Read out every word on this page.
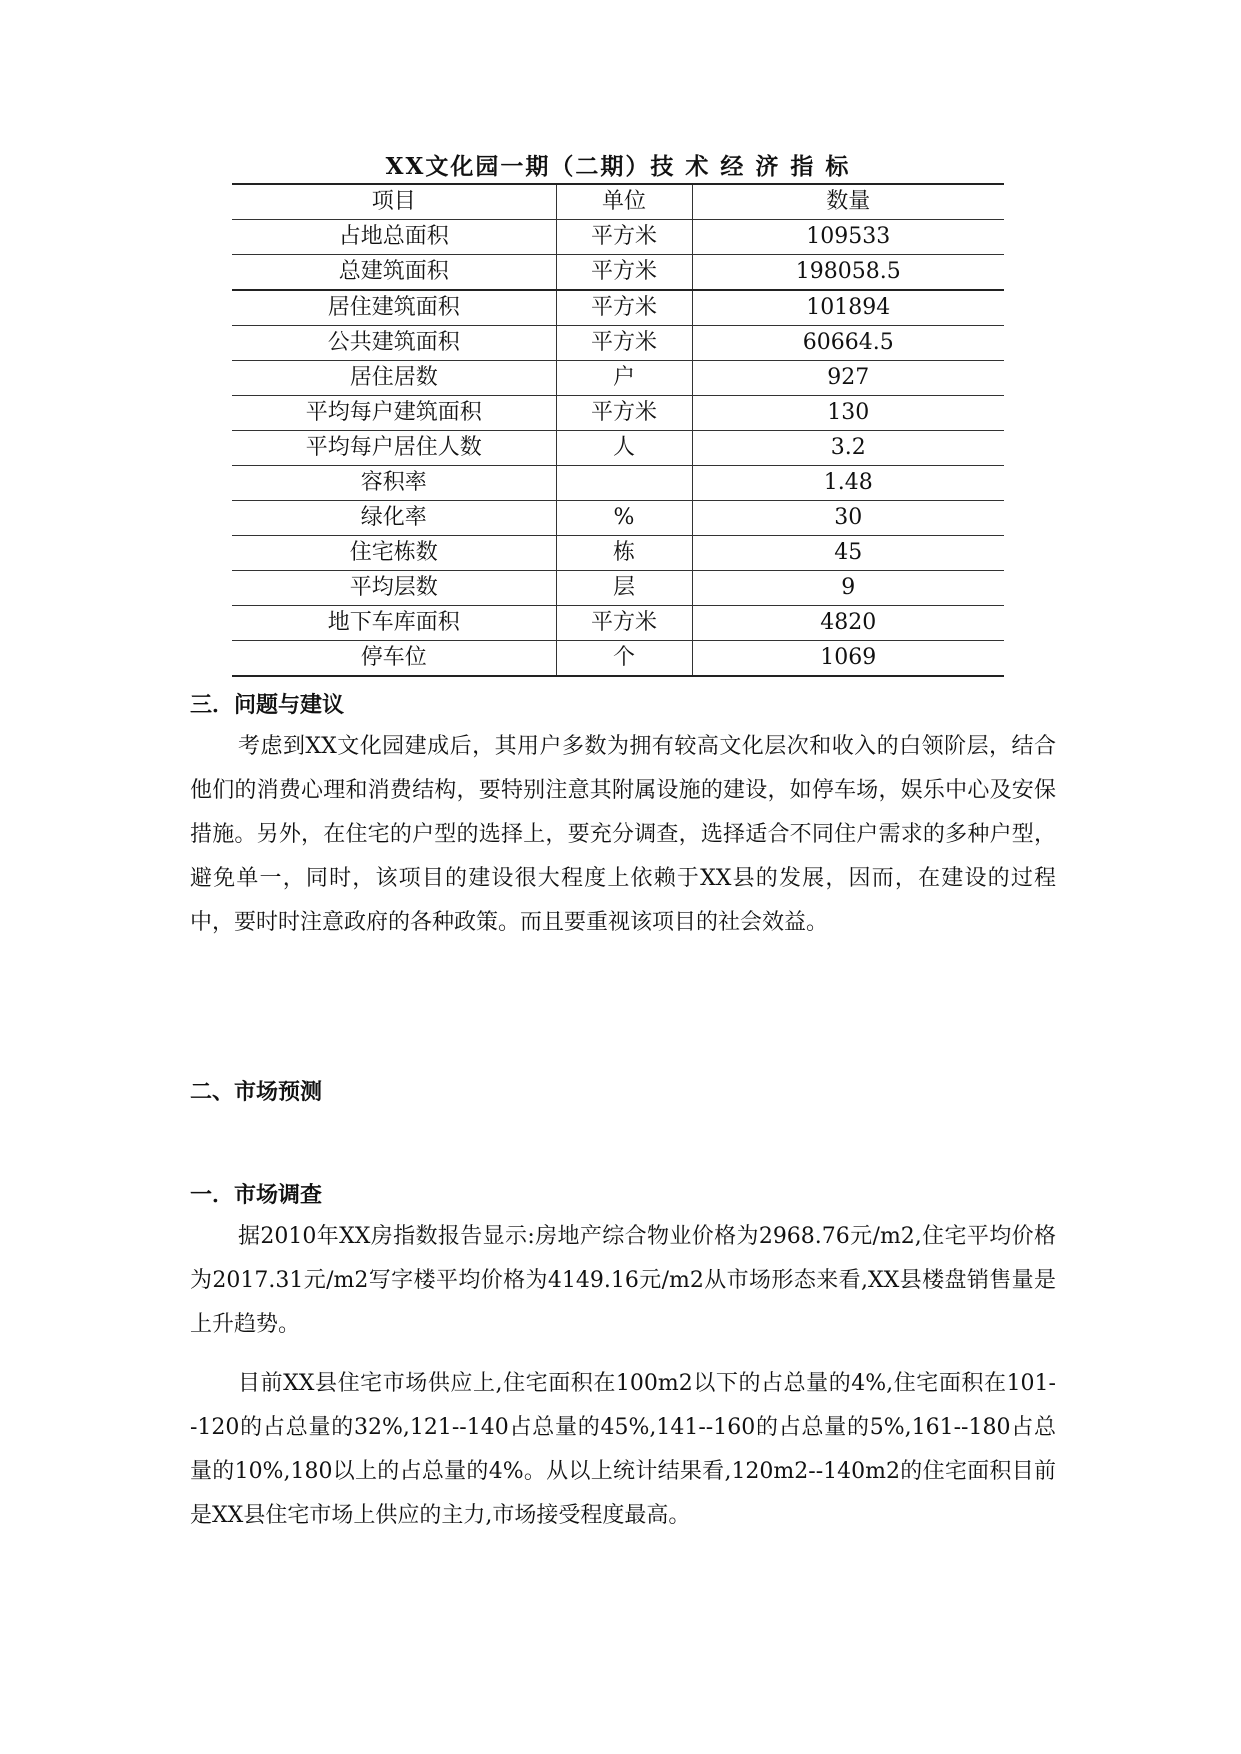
XX文化园一期（二期）技 术 经 济 指 标
项目	单位	数量
占地总面积	平方米	109533
总建筑面积	平方米	198058.5
居住建筑面积	平方米	101894
公共建筑面积	平方米	60664.5
居住居数	户	927
平均每户建筑面积	平方米	130
平均每户居住人数	人	3.2
容积率		1.48
绿化率	%	30
住宅栋数	栋	45
平均层数	层	9
地下车库面积	平方米	4820
停车位	个	1069
三．问题与建议

考虑到XX文化园建成后，其用户多数为拥有较高文化层次和收入的白领阶层，结合他们的消费心理和消费结构，要特别注意其附属设施的建设，如停车场，娱乐中心及安保措施。另外，在住宅的户型的选择上，要充分调查，选择适合不同住户需求的多种户型，避免单一，同时，该项目的建设很大程度上依赖于XX县的发展，因而，在建设的过程中，要时时注意政府的各种政策。而且要重视该项目的社会效益。

二、市场预测
一．市场调查

据2010年XX房指数报告显示:房地产综合物业价格为2968.76元/m2,住宅平均价格为2017.31元/m2写字楼平均价格为4149.16元/m2从市场形态来看,XX县楼盘销售量是上升趋势。

目前XX县住宅市场供应上,住宅面积在100m2以下的占总量的4%,住宅面积在101--120的占总量的32%,121--140占总量的45%,141--160的占总量的5%,161--180占总量的10%,180以上的占总量的4%。从以上统计结果看,120m2--140m2的住宅面积目前是XX县住宅市场上供应的主力,市场接受程度最高。
